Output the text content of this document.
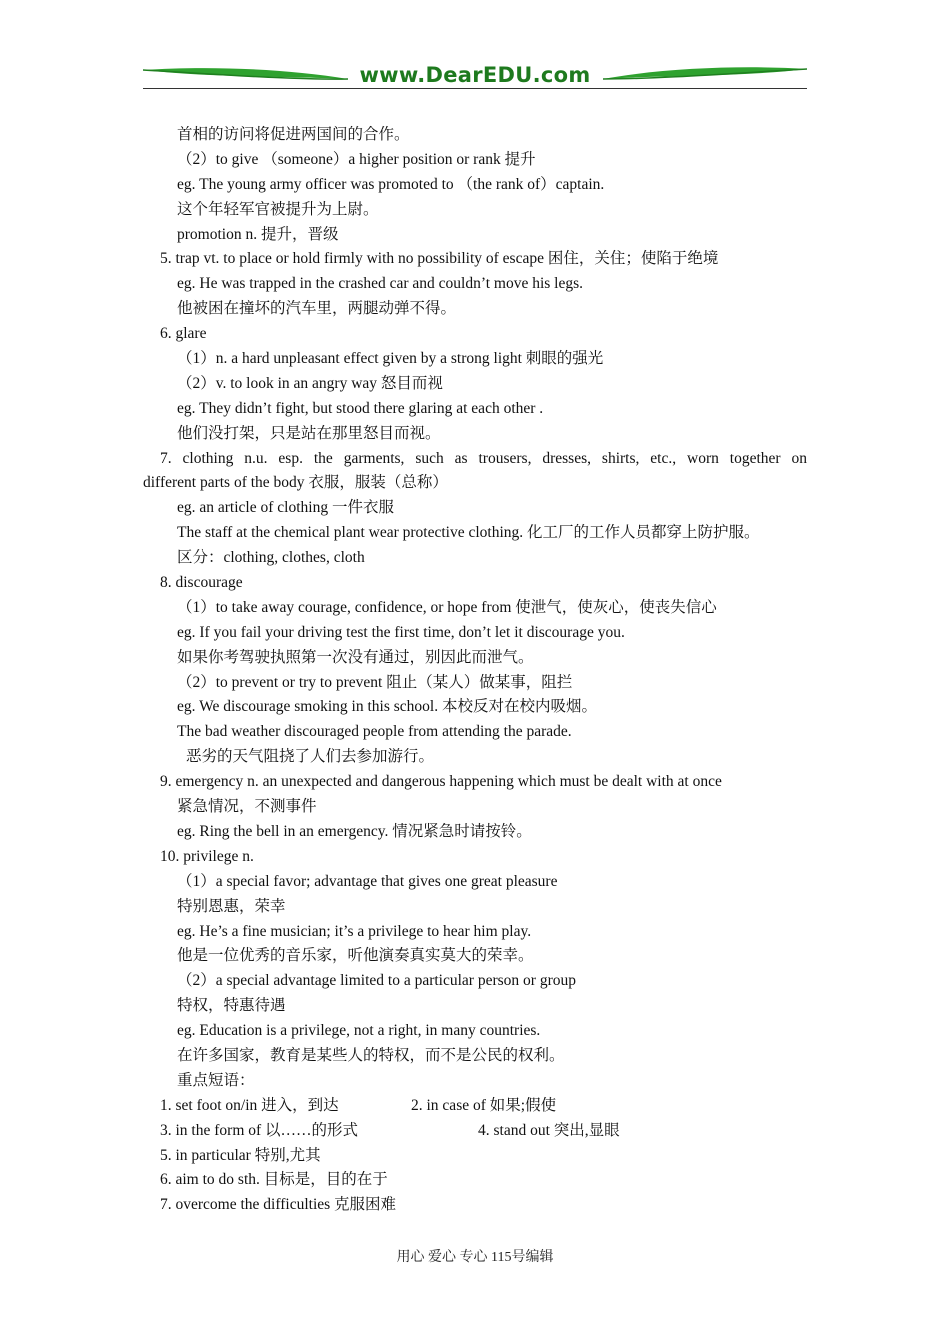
www.DearEDU.com
首相的访问将促进两国间的合作。
（2）to give （someone）a higher position or rank 提升
eg. The young army officer was promoted to （the rank of）captain.
这个年轻军官被提升为上尉。
promotion n. 提升，晋级
5. trap vt. to place or hold firmly with no possibility of escape 困住，关住；使陷于绝境
eg. He was trapped in the crashed car and couldn’t move his legs.
他被困在撞坏的汽车里，两腿动弹不得。
6. glare
（1）n. a hard unpleasant effect given by a strong light 刺眼的强光
（2）v. to look in an angry way 怒目而视
eg. They didn’t fight, but stood there glaring at each other .
他们没打架，只是站在那里怒目而视。
7. clothing n.u. esp. the garments, such as trousers, dresses, shirts, etc., worn together on
different parts of the body 衣服，服装（总称）
eg. an article of clothing 一件衣服
The staff at the chemical plant wear protective clothing. 化工厂的工作人员都穿上防护服。
区分：clothing, clothes, cloth
8. discourage
（1）to take away courage, confidence, or hope from 使泄气，使灰心，使丧失信心
eg. If you fail your driving test the first time, don’t let it discourage you.
如果你考驾驶执照第一次没有通过，别因此而泄气。
（2）to prevent or try to prevent 阻止（某人）做某事，阻拦
eg. We discourage smoking in this school. 本校反对在校内吸烟。
The bad weather discouraged people from attending the parade.
恶劣的天气阻挠了人们去参加游行。
9. emergency n. an unexpected and dangerous happening which must be dealt with at once
紧急情况，不测事件
eg. Ring the bell in an emergency. 情况紧急时请按铃。
10. privilege n.
（1）a special favor; advantage that gives one great pleasure
特别恩惠，荣幸
eg. He’s a fine musician; it’s a privilege to hear him play.
他是一位优秀的音乐家，听他演奏真实莫大的荣幸。
（2）a special advantage limited to a particular person or group
特权，特惠待遇
eg. Education is a privilege, not a right, in many countries.
在许多国家，教育是某些人的特权，而不是公民的权利。
重点短语：
1. set foot on/in 进入，到达	2. in case of 如果;假使
3. in the form of 以……的形式	4. stand out 突出,显眼
5. in particular 特别,尤其
6. aim to do sth. 目标是，目的在于
7. overcome the difficulties 克服困难
用心 爱心 专心 115号编辑
